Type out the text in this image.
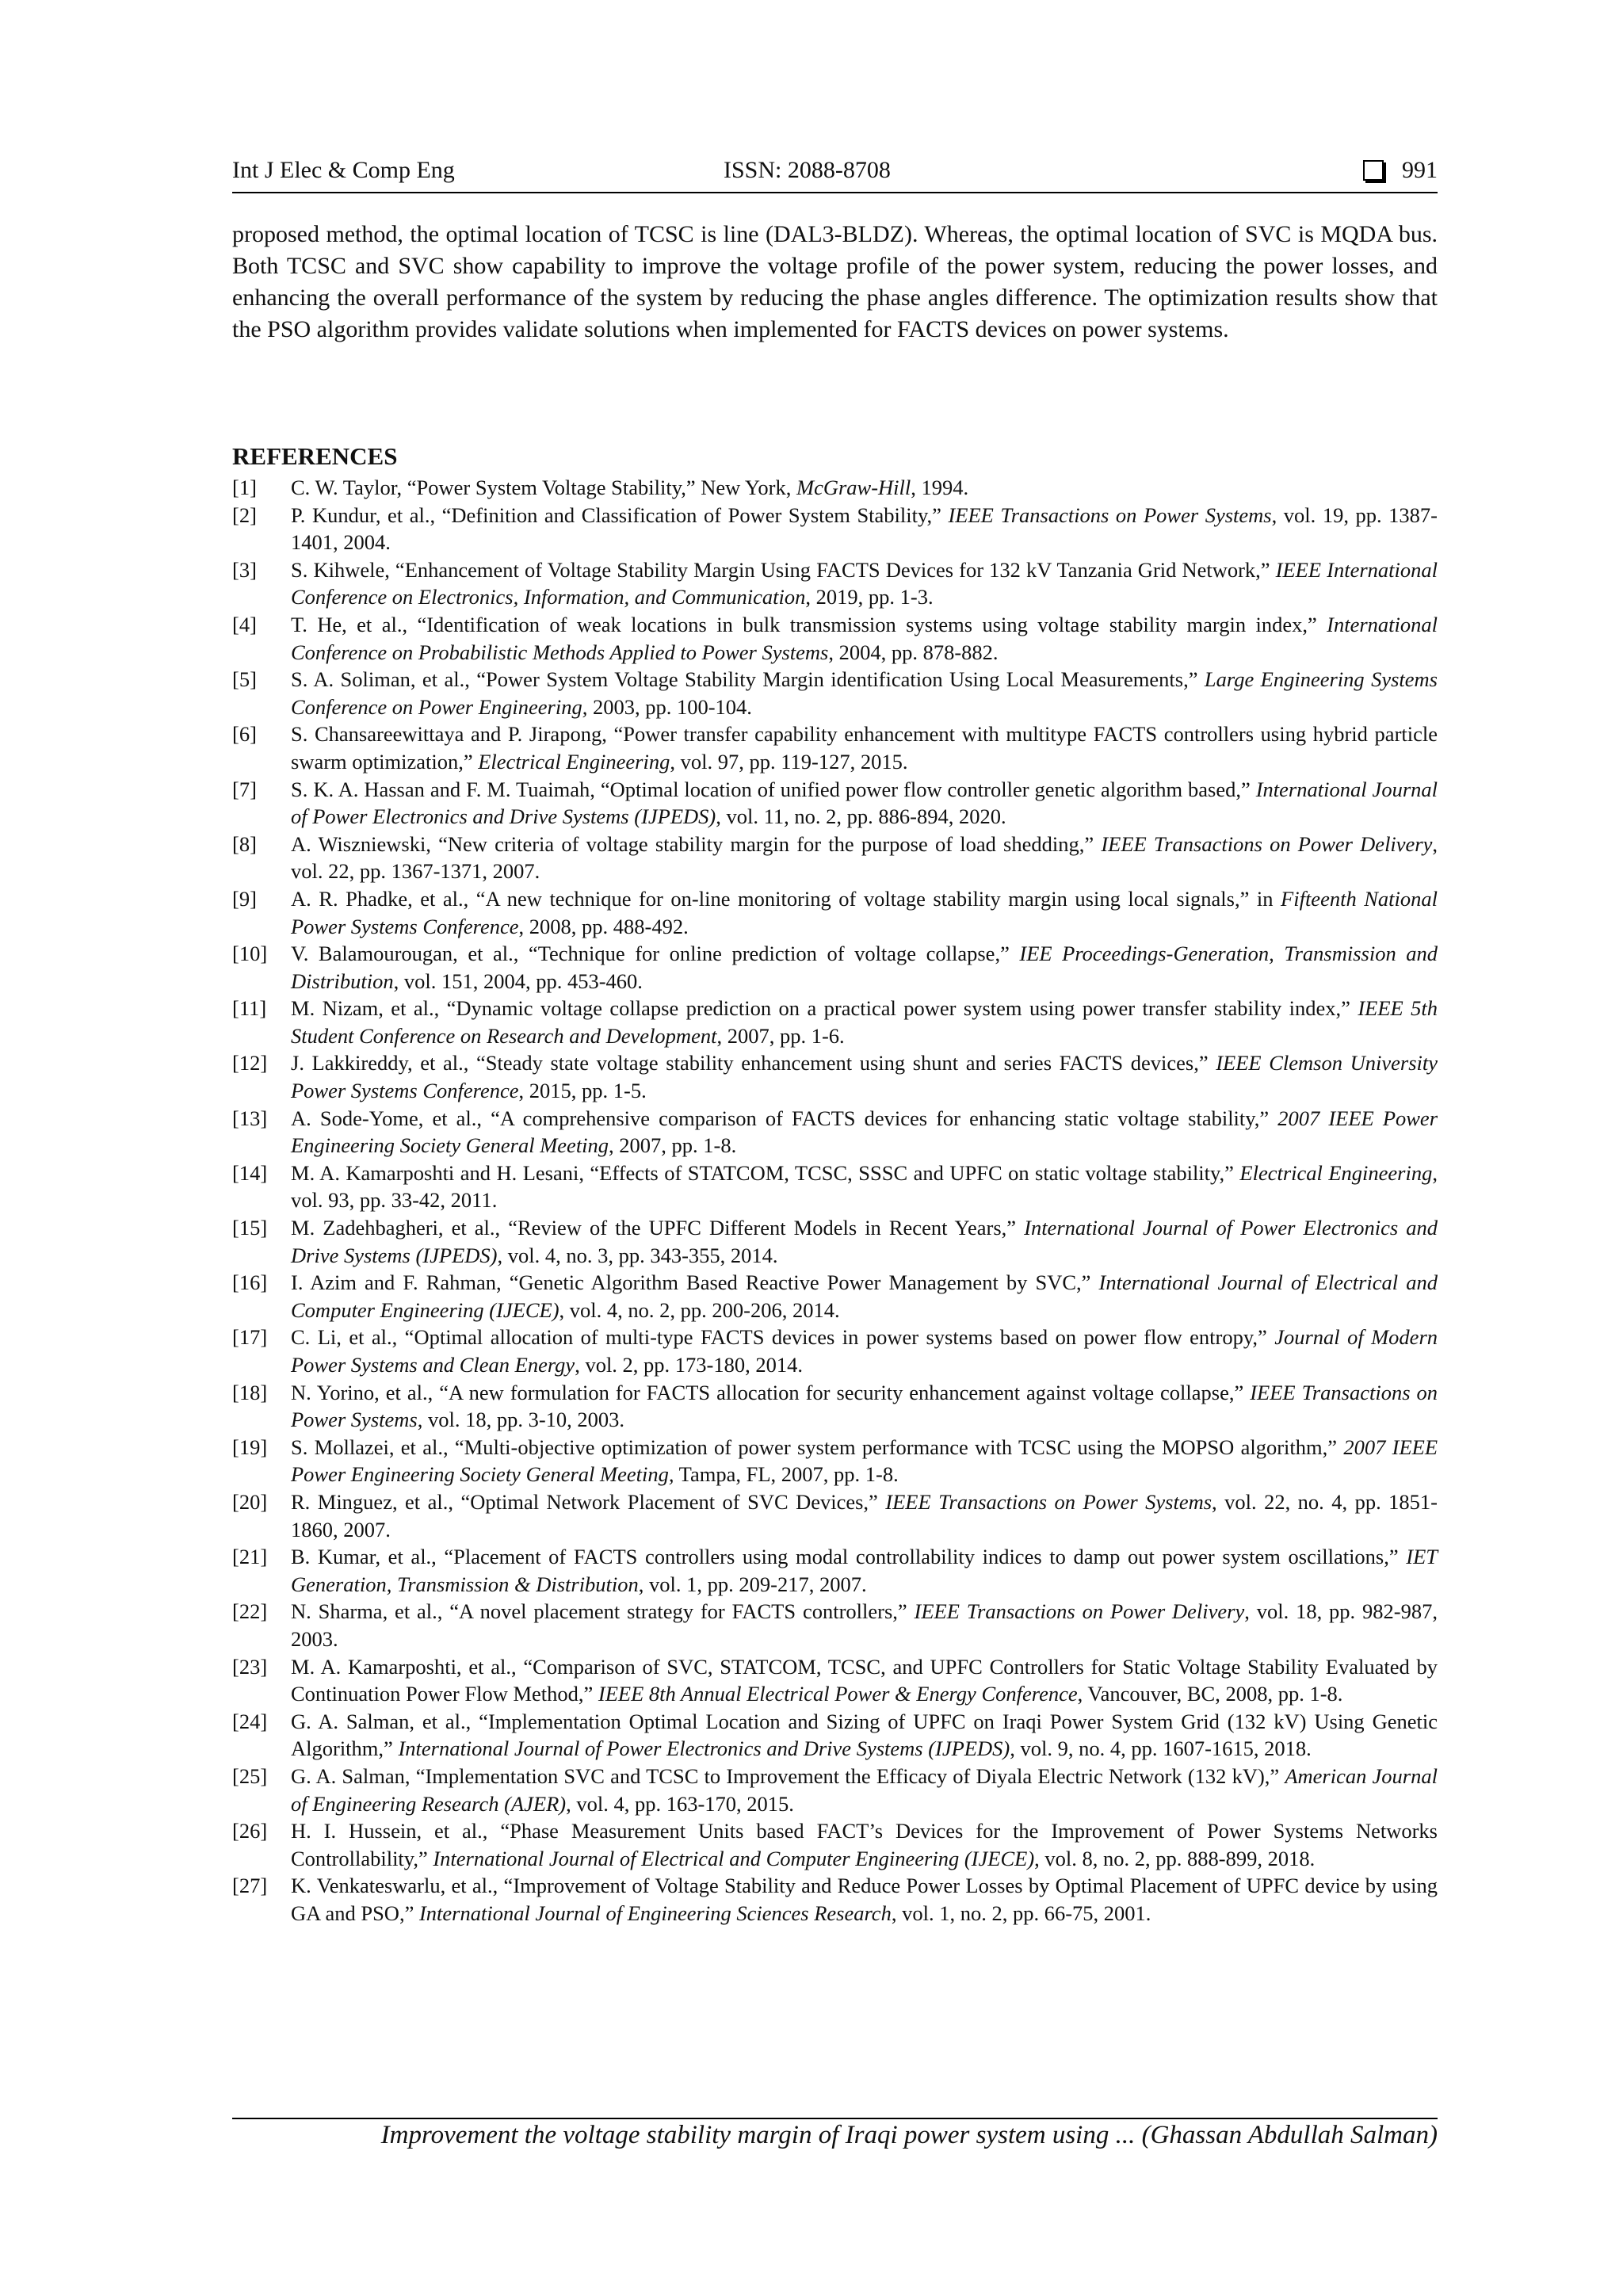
Int J Elec & Comp Eng	ISSN: 2088-8708	991

proposed method, the optimal location of TCSC is line (DAL3-BLDZ). Whereas, the optimal location of SVC is MQDA bus. Both TCSC and SVC show capability to improve the voltage profile of the power system, reducing the power losses, and enhancing the overall performance of the system by reducing the phase angles difference. The optimization results show that the PSO algorithm provides validate solutions when implemented for FACTS devices on power systems.

REFERENCES
[1] C. W. Taylor, “Power System Voltage Stability,” New York, McGraw-Hill, 1994.
[2] P. Kundur, et al., “Definition and Classification of Power System Stability,” IEEE Transactions on Power Systems, vol. 19, pp. 1387-1401, 2004.
[3] S. Kihwele, “Enhancement of Voltage Stability Margin Using FACTS Devices for 132 kV Tanzania Grid Network,” IEEE International Conference on Electronics, Information, and Communication, 2019, pp. 1-3.
[4] T. He, et al., “Identification of weak locations in bulk transmission systems using voltage stability margin index,” International Conference on Probabilistic Methods Applied to Power Systems, 2004, pp. 878-882.
[5] S. A. Soliman, et al., “Power System Voltage Stability Margin identification Using Local Measurements,” Large Engineering Systems Conference on Power Engineering, 2003, pp. 100-104.
[6] S. Chansareewittaya and P. Jirapong, “Power transfer capability enhancement with multitype FACTS controllers using hybrid particle swarm optimization,” Electrical Engineering, vol. 97, pp. 119-127, 2015.
[7] S. K. A. Hassan and F. M. Tuaimah, “Optimal location of unified power flow controller genetic algorithm based,” International Journal of Power Electronics and Drive Systems (IJPEDS), vol. 11, no. 2, pp. 886-894, 2020.
[8] A. Wiszniewski, “New criteria of voltage stability margin for the purpose of load shedding,” IEEE Transactions on Power Delivery, vol. 22, pp. 1367-1371, 2007.
[9] A. R. Phadke, et al., “A new technique for on-line monitoring of voltage stability margin using local signals,” in Fifteenth National Power Systems Conference, 2008, pp. 488-492.
[10] V. Balamourougan, et al., “Technique for online prediction of voltage collapse,” IEE Proceedings-Generation, Transmission and Distribution, vol. 151, 2004, pp. 453-460.
[11] M. Nizam, et al., “Dynamic voltage collapse prediction on a practical power system using power transfer stability index,” IEEE 5th Student Conference on Research and Development, 2007, pp. 1-6.
[12] J. Lakkireddy, et al., “Steady state voltage stability enhancement using shunt and series FACTS devices,” IEEE Clemson University Power Systems Conference, 2015, pp. 1-5.
[13] A. Sode-Yome, et al., “A comprehensive comparison of FACTS devices for enhancing static voltage stability,” 2007 IEEE Power Engineering Society General Meeting, 2007, pp. 1-8.
[14] M. A. Kamarposhti and H. Lesani, “Effects of STATCOM, TCSC, SSSC and UPFC on static voltage stability,” Electrical Engineering, vol. 93, pp. 33-42, 2011.
[15] M. Zadehbagheri, et al., “Review of the UPFC Different Models in Recent Years,” International Journal of Power Electronics and Drive Systems (IJPEDS), vol. 4, no. 3, pp. 343-355, 2014.
[16] I. Azim and F. Rahman, “Genetic Algorithm Based Reactive Power Management by SVC,” International Journal of Electrical and Computer Engineering (IJECE), vol. 4, no. 2, pp. 200-206, 2014.
[17] C. Li, et al., “Optimal allocation of multi-type FACTS devices in power systems based on power flow entropy,” Journal of Modern Power Systems and Clean Energy, vol. 2, pp. 173-180, 2014.
[18] N. Yorino, et al., “A new formulation for FACTS allocation for security enhancement against voltage collapse,” IEEE Transactions on Power Systems, vol. 18, pp. 3-10, 2003.
[19] S. Mollazei, et al., “Multi-objective optimization of power system performance with TCSC using the MOPSO algorithm,” 2007 IEEE Power Engineering Society General Meeting, Tampa, FL, 2007, pp. 1-8.
[20] R. Minguez, et al., “Optimal Network Placement of SVC Devices,” IEEE Transactions on Power Systems, vol. 22, no. 4, pp. 1851-1860, 2007.
[21] B. Kumar, et al., “Placement of FACTS controllers using modal controllability indices to damp out power system oscillations,” IET Generation, Transmission & Distribution, vol. 1, pp. 209-217, 2007.
[22] N. Sharma, et al., “A novel placement strategy for FACTS controllers,” IEEE Transactions on Power Delivery, vol. 18, pp. 982-987, 2003.
[23] M. A. Kamarposhti, et al., “Comparison of SVC, STATCOM, TCSC, and UPFC Controllers for Static Voltage Stability Evaluated by Continuation Power Flow Method,” IEEE 8th Annual Electrical Power & Energy Conference, Vancouver, BC, 2008, pp. 1-8.
[24] G. A. Salman, et al., “Implementation Optimal Location and Sizing of UPFC on Iraqi Power System Grid (132 kV) Using Genetic Algorithm,” International Journal of Power Electronics and Drive Systems (IJPEDS), vol. 9, no. 4, pp. 1607-1615, 2018.
[25] G. A. Salman, “Implementation SVC and TCSC to Improvement the Efficacy of Diyala Electric Network (132 kV),” American Journal of Engineering Research (AJER), vol. 4, pp. 163-170, 2015.
[26] H. I. Hussein, et al., “Phase Measurement Units based FACT’s Devices for the Improvement of Power Systems Networks Controllability,” International Journal of Electrical and Computer Engineering (IJECE), vol. 8, no. 2, pp. 888-899, 2018.
[27] K. Venkateswarlu, et al., “Improvement of Voltage Stability and Reduce Power Losses by Optimal Placement of UPFC device by using GA and PSO,” International Journal of Engineering Sciences Research, vol. 1, no. 2, pp. 66-75, 2001.
Improvement the voltage stability margin of Iraqi power system using ... (Ghassan Abdullah Salman)
